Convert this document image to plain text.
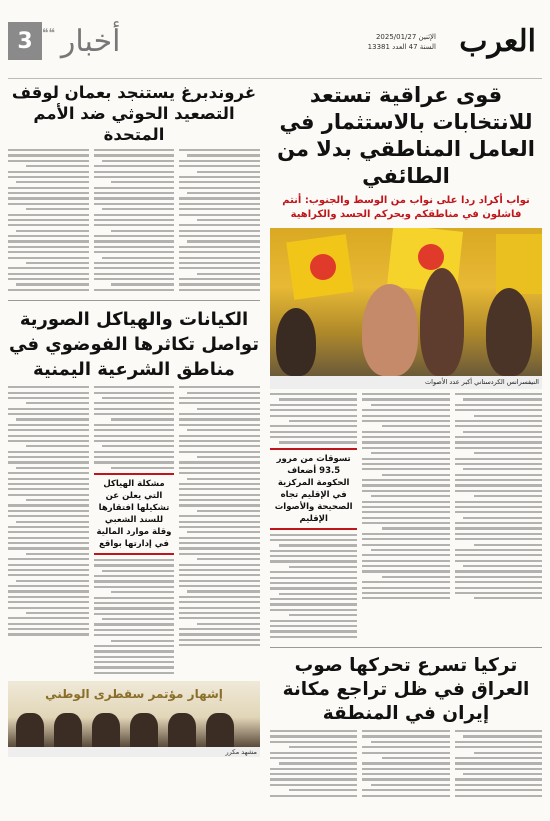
العرب
الإثنين 2025/01/27
السنة 47 العدد 13381
3 أخبار
❝❝
قوى عراقية تستعد للانتخابات بالاستثمار في العامل المناطقي بدلا من الطائفي
نواب أكراد ردا على نواب من الوسط والجنوب: أنتم فاشلون في مناطقكم وبحركم الحسد والكراهية
النيفسرانس الكردستاني أكبر عدد الأصوات
تسوقات من مرور 93.5 أضعاف الحكومة المركزية في الإقليم تجاه الصحيحة والأصوات الإقليم
تركيا تسرع تحركها صوب العراق في ظل تراجع مكانة إيران في المنطقة
غروندبرغ يستنجد بعمان لوقف التصعيد الحوثي ضد الأمم المتحدة
الكيانات والهياكل الصورية تواصل تكاثرها الفوضوي في مناطق الشرعية اليمنية
مشكلة الهياكل التي يعلن عن تشكيلها افتقارها للسند الشعبي وقلة موارد المالية في إدارتها بواقع
إشهار مؤتمر سقطرى الوطني
مشهد مكرر
